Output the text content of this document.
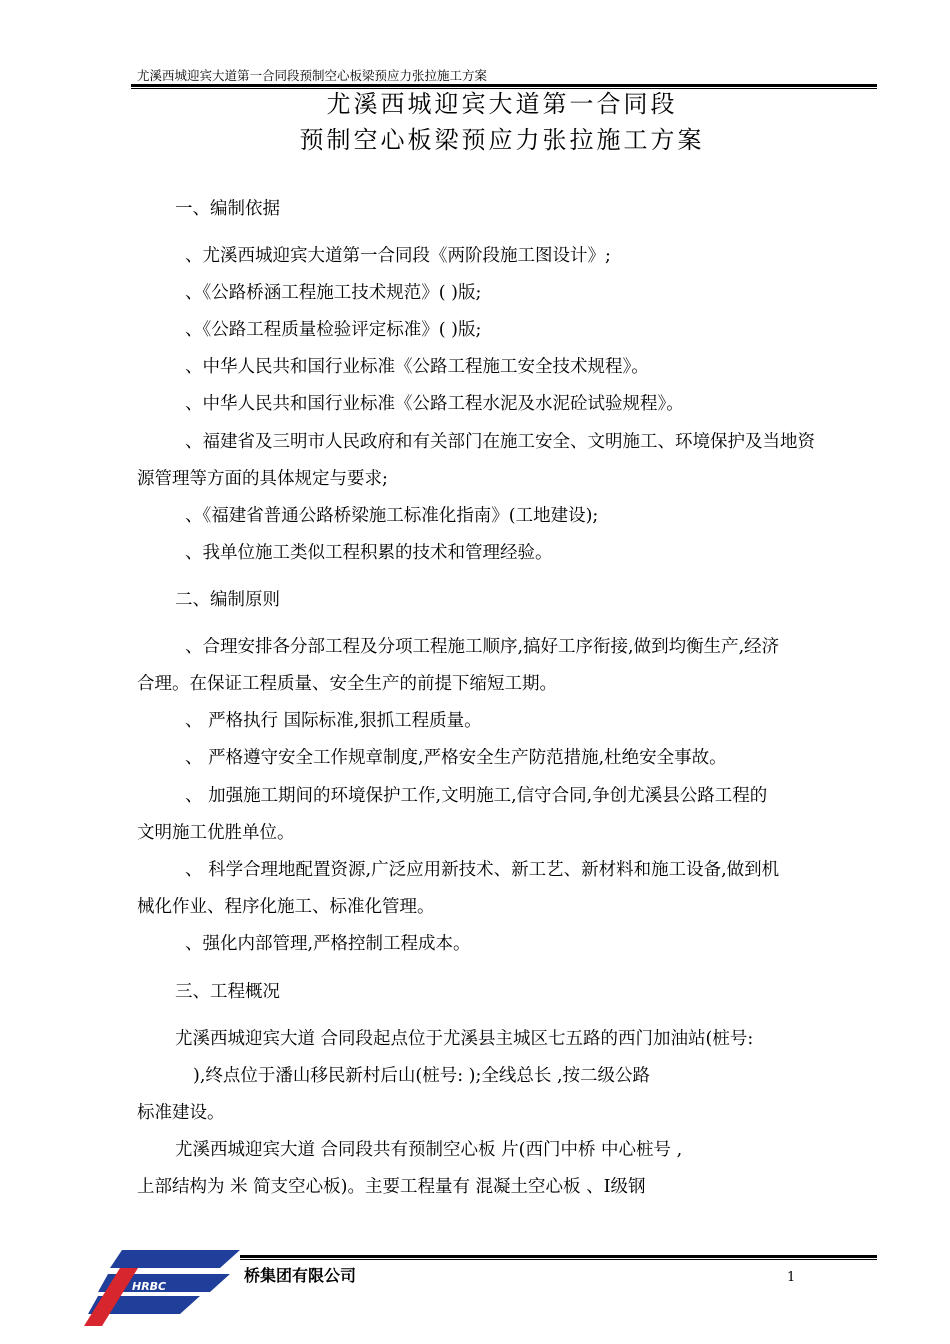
尤溪西城迎宾大道第一合同段预制空心板梁预应力张拉施工方案
尤溪西城迎宾大道第一合同段
预制空心板梁预应力张拉施工方案
一、编制依据
、尤溪西城迎宾大道第一合同段《两阶段施工图设计》;
、《公路桥涵工程施工技术规范》( )版;
、《公路工程质量检验评定标准》( )版;
、中华人民共和国行业标准《公路工程施工安全技术规程》。
、中华人民共和国行业标准《公路工程水泥及水泥砼试验规程》。
、福建省及三明市人民政府和有关部门在施工安全、文明施工、环境保护及当地资
源管理等方面的具体规定与要求;
、《福建省普通公路桥梁施工标准化指南》(工地建设);
、我单位施工类似工程积累的技术和管理经验。
二、编制原则
、合理安排各分部工程及分项工程施工顺序,搞好工序衔接,做到均衡生产,经济
合理。在保证工程质量、安全生产的前提下缩短工期。
、 严格执行 国际标准,狠抓工程质量。
、 严格遵守安全工作规章制度,严格安全生产防范措施,杜绝安全事故。
、 加强施工期间的环境保护工作,文明施工,信守合同,争创尤溪县公路工程的
文明施工优胜单位。
、 科学合理地配置资源,广泛应用新技术、新工艺、新材料和施工设备,做到机
械化作业、程序化施工、标准化管理。
、强化内部管理,严格控制工程成本。
三、工程概况
尤溪西城迎宾大道 合同段起点位于尤溪县主城区七五路的西门加油站(桩号:
),终点位于潘山移民新村后山(桩号: );全线总长 ,按二级公路
标准建设。
尤溪西城迎宾大道 合同段共有预制空心板 片(西门中桥 中心桩号 ,
上部结构为 米 简支空心板)。主要工程量有 混凝土空心板 、Ⅰ级钢
HRBC
桥集团有限公司	1
